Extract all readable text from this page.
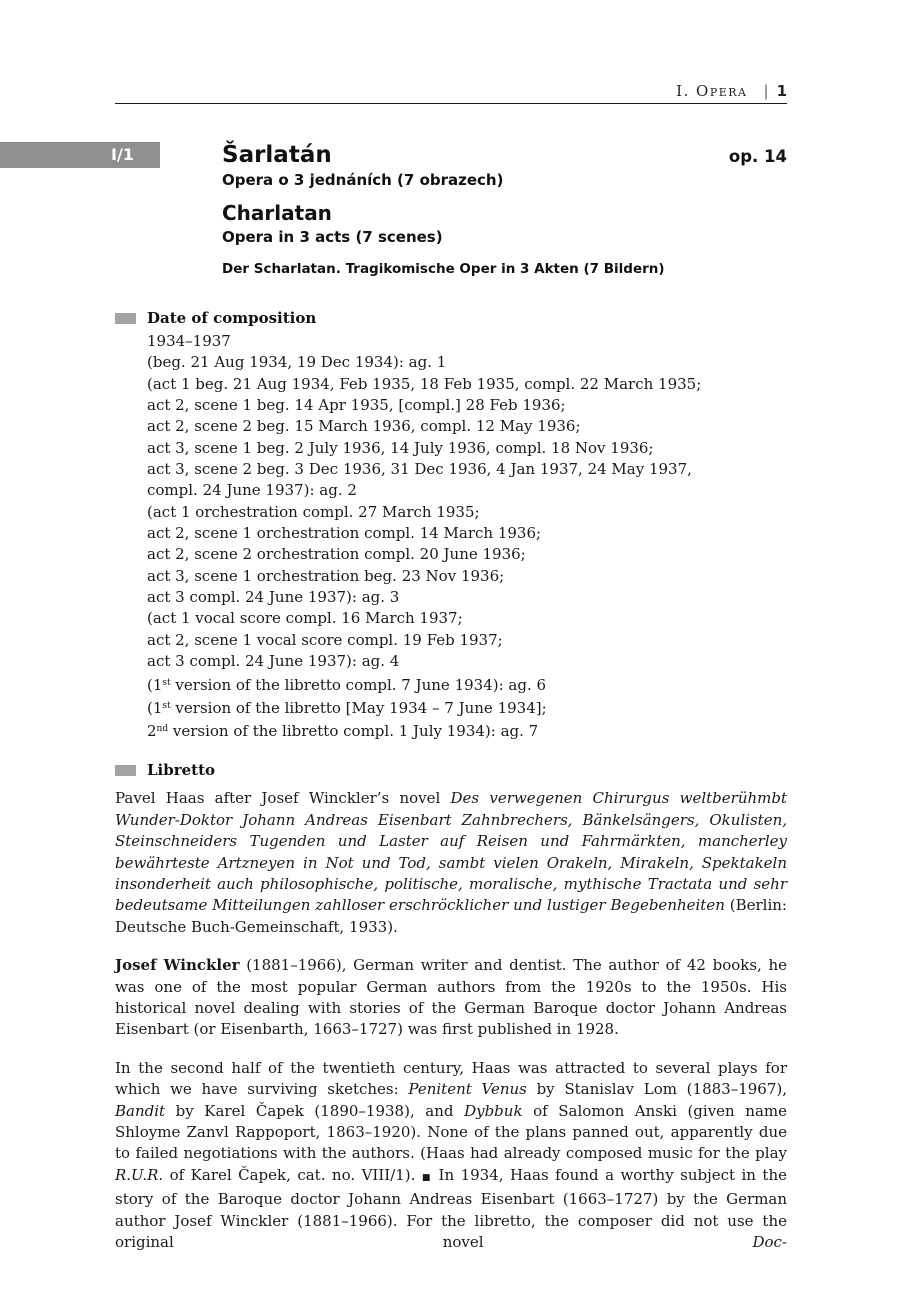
I. Opera | 1
I/1	Šarlatán	op. 14
Opera o 3 jednáních (7 obrazech)
Charlatan
Opera in 3 acts (7 scenes)
Der Scharlatan. Tragikomische Oper in 3 Akten (7 Bildern)
Date of composition
1934–1937
(beg. 21 Aug 1934, 19 Dec 1934): ag. 1
(act 1 beg. 21 Aug 1934, Feb 1935, 18 Feb 1935, compl. 22 March 1935;
act 2, scene 1 beg. 14 Apr 1935, [compl.] 28 Feb 1936;
act 2, scene 2 beg. 15 March 1936, compl. 12 May 1936;
act 3, scene 1 beg. 2 July 1936, 14 July 1936, compl. 18 Nov 1936;
act 3, scene 2 beg. 3 Dec 1936, 31 Dec 1936, 4 Jan 1937, 24 May 1937,
compl. 24 June 1937): ag. 2
(act 1 orchestration compl. 27 March 1935;
act 2, scene 1 orchestration compl. 14 March 1936;
act 2, scene 2 orchestration compl. 20 June 1936;
act 3, scene 1 orchestration beg. 23 Nov 1936;
act 3 compl. 24 June 1937): ag. 3
(act 1 vocal score compl. 16 March 1937;
act 2, scene 1 vocal score compl. 19 Feb 1937;
act 3 compl. 24 June 1937): ag. 4
(1st version of the libretto compl. 7 June 1934): ag. 6
(1st version of the libretto [May 1934 – 7 June 1934];
2nd version of the libretto compl. 1 July 1934): ag. 7
Libretto

Pavel Haas after Josef Winckler’s novel Des verwegenen Chirurgus weltberühmbt Wunder-Doktor Johann Andreas Eisenbart Zahnbrechers, Bänkelsängers, Okulisten, Steinschneiders Tugenden und Laster auf Reisen und Fahrmärkten, mancherley bewährteste Artzneyen in Not und Tod, sambt vielen Orakeln, Mirakeln, Spektakeln insonderheit auch philosophische, politische, moralische, mythische Tractata und sehr bedeutsame Mitteilungen zahlloser erschröcklicher und lustiger Begebenheiten (Berlin: Deutsche Buch-Gemeinschaft, 1933).

Josef Winckler (1881–1966), German writer and dentist. The author of 42 books, he was one of the most popular German authors from the 1920s to the 1950s. His historical novel dealing with stories of the German Baroque doctor Johann Andreas Eisenbart (or Eisenbarth, 1663–1727) was first published in 1928.

In the second half of the twentieth century, Haas was attracted to several plays for which we have surviving sketches: Penitent Venus by Stanislav Lom (1883–1967), Bandit by Karel Čapek (1890–1938), and Dybbuk of Salomon Anski (given name Shloyme Zanvl Rappoport, 1863–1920). None of the plans panned out, apparently due to failed negotiations with the authors. (Haas had already composed music for the play R.U.R. of Karel Čapek, cat. no. VIII/1). ■ In 1934, Haas found a worthy subject in the story of the Baroque doctor Johann Andreas Eisenbart (1663–1727) by the German author Josef Winckler (1881–1966). For the libretto, the composer did not use the original novel Doc-
